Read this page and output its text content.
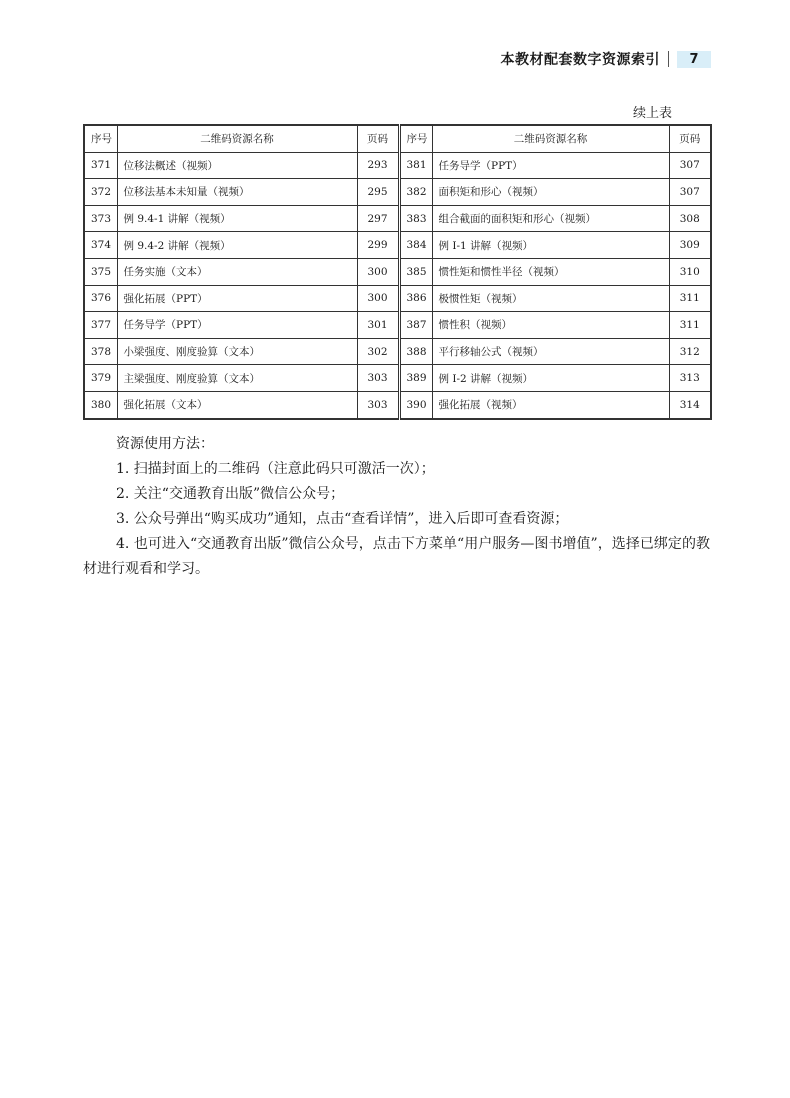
本教材配套数字资源索引	7
续上表
序号	二维码资源名称	页码	序号	二维码资源名称	页码
371	位移法概述（视频）	293	381	任务导学（PPT）	307
372	位移法基本未知量（视频）	295	382	面积矩和形心（视频）	307
373	例 9.4-1 讲解（视频）	297	383	组合截面的面积矩和形心（视频）	308
374	例 9.4-2 讲解（视频）	299	384	例 I-1 讲解（视频）	309
375	任务实施（文本）	300	385	惯性矩和惯性半径（视频）	310
376	强化拓展（PPT）	300	386	极惯性矩（视频）	311
377	任务导学（PPT）	301	387	惯性积（视频）	311
378	小梁强度、刚度验算（文本）	302	388	平行移轴公式（视频）	312
379	主梁强度、刚度验算（文本）	303	389	例 I-2 讲解（视频）	313
380	强化拓展（文本）	303	390	强化拓展（视频）	314

资源使用方法：

1. 扫描封面上的二维码（注意此码只可激活一次）；

2. 关注“交通教育出版”微信公众号；

3. 公众号弹出“购买成功”通知，点击“查看详情”，进入后即可查看资源；

4. 也可进入“交通教育出版”微信公众号，点击下方菜单“用户服务—图书增值”，选择已绑定的教材进行观看和学习。
